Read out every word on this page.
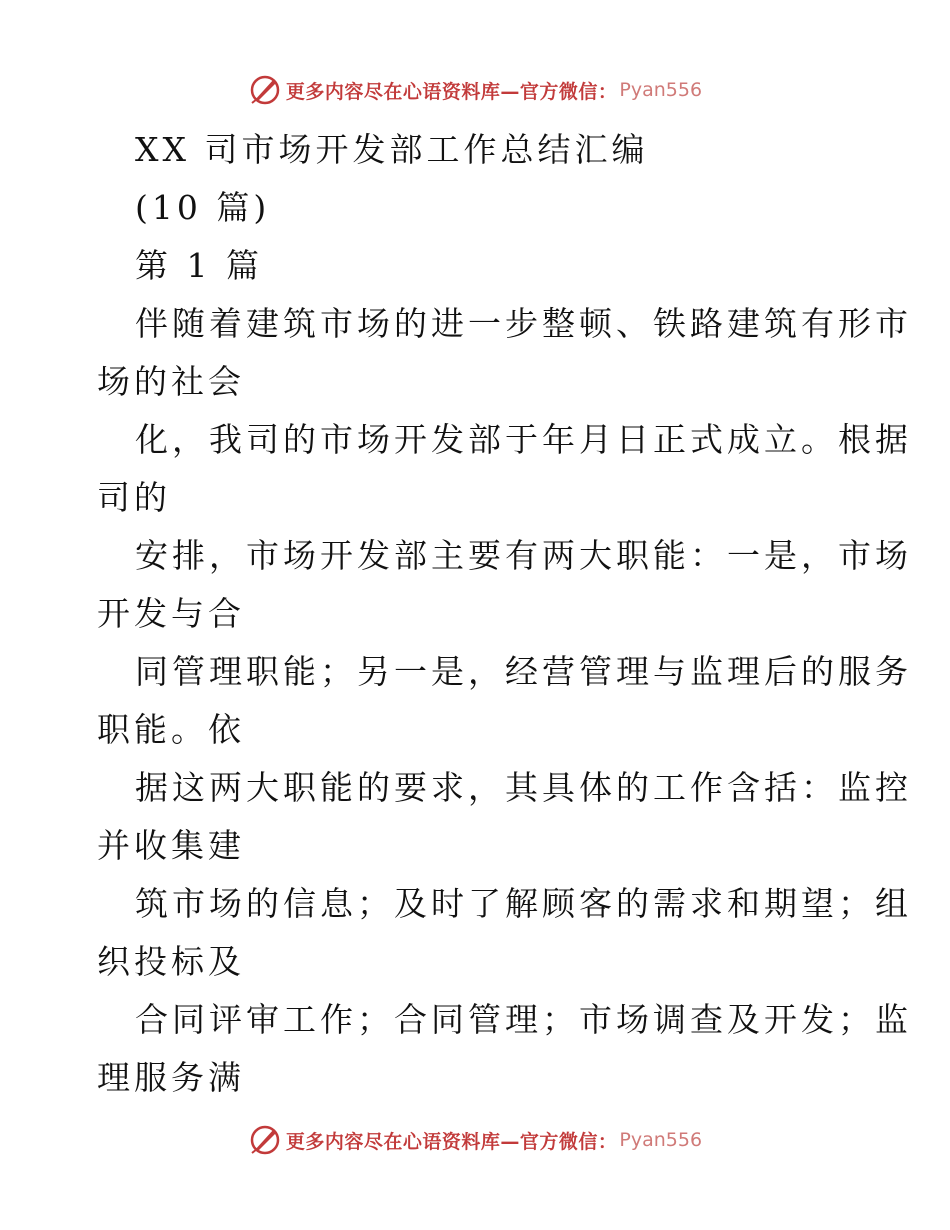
更多内容尽在心语资料库—官方微信： Pyan556
XX 司市场开发部工作总结汇编
(10 篇)
第 1 篇
伴随着建筑市场的进一步整顿、铁路建筑有形市
场的社会
化，我司的市场开发部于年月日正式成立。根据
司的
安排，市场开发部主要有两大职能：一是，市场
开发与合
同管理职能；另一是，经营管理与监理后的服务
职能。依
据这两大职能的要求，其具体的工作含括：监控
并收集建
筑市场的信息；及时了解顾客的需求和期望；组
织投标及
合同评审工作；合同管理；市场调查及开发；监
理服务满
更多内容尽在心语资料库—官方微信： Pyan556
